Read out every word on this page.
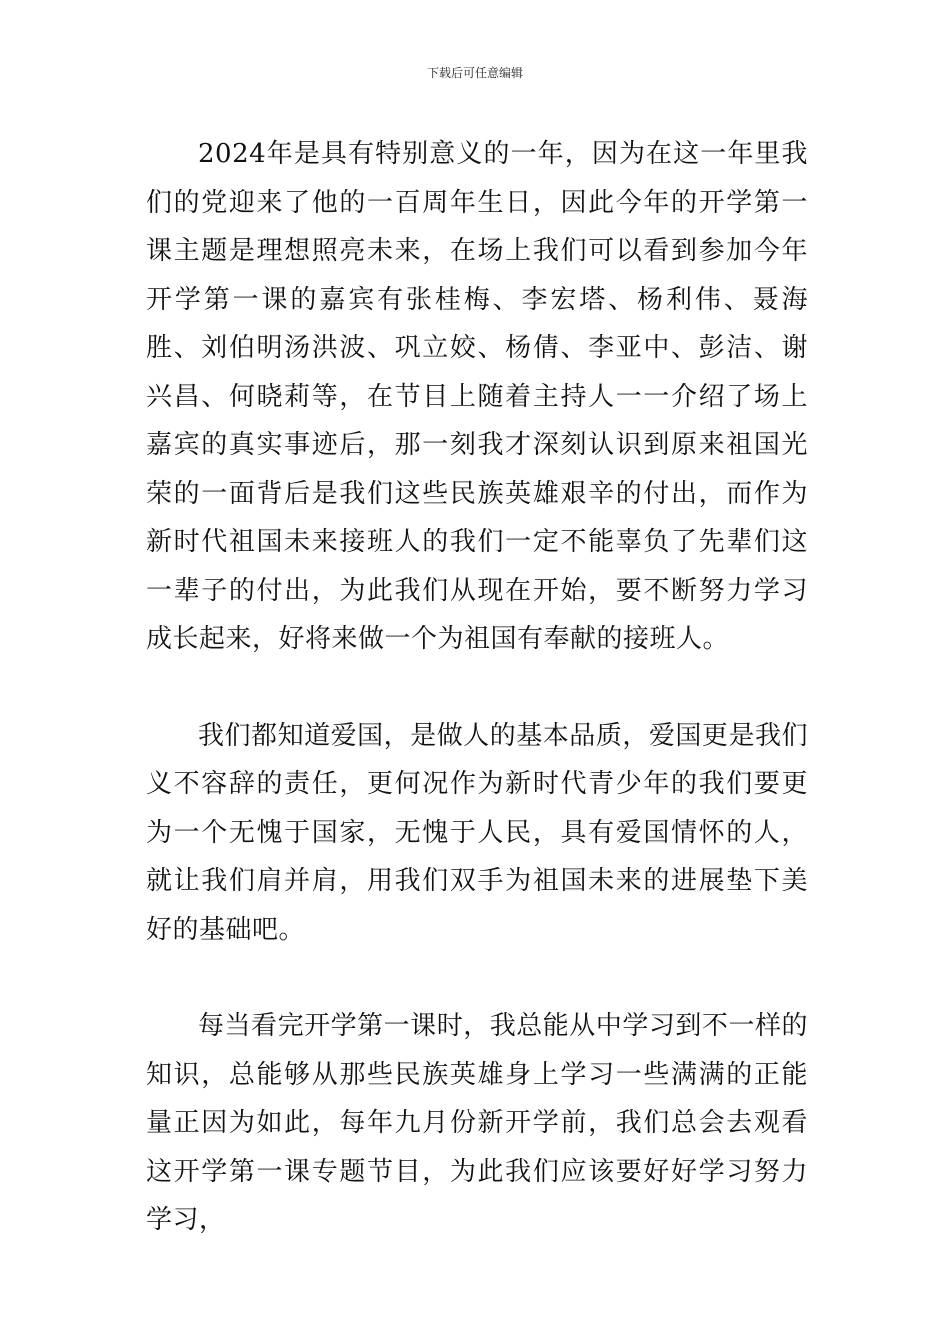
下载后可任意编辑

2024年是具有特别意义的一年，因为在这一年里我们的党迎来了他的一百周年生日，因此今年的开学第一课主题是理想照亮未来，在场上我们可以看到参加今年开学第一课的嘉宾有张桂梅、李宏塔、杨利伟、聂海胜、刘伯明汤洪波、巩立姣、杨倩、李亚中、彭洁、谢兴昌、何晓莉等，在节目上随着主持人一一介绍了场上嘉宾的真实事迹后，那一刻我才深刻认识到原来祖国光荣的一面背后是我们这些民族英雄艰辛的付出，而作为新时代祖国未来接班人的我们一定不能辜负了先辈们这一辈子的付出，为此我们从现在开始，要不断努力学习成长起来，好将来做一个为祖国有奉献的接班人。

我们都知道爱国，是做人的基本品质，爱国更是我们义不容辞的责任，更何况作为新时代青少年的我们要更为一个无愧于国家，无愧于人民，具有爱国情怀的人，就让我们肩并肩，用我们双手为祖国未来的进展垫下美好的基础吧。

每当看完开学第一课时，我总能从中学习到不一样的知识，总能够从那些民族英雄身上学习一些满满的正能量正因为如此，每年九月份新开学前，我们总会去观看这开学第一课专题节目，为此我们应该要好好学习努力学习，
